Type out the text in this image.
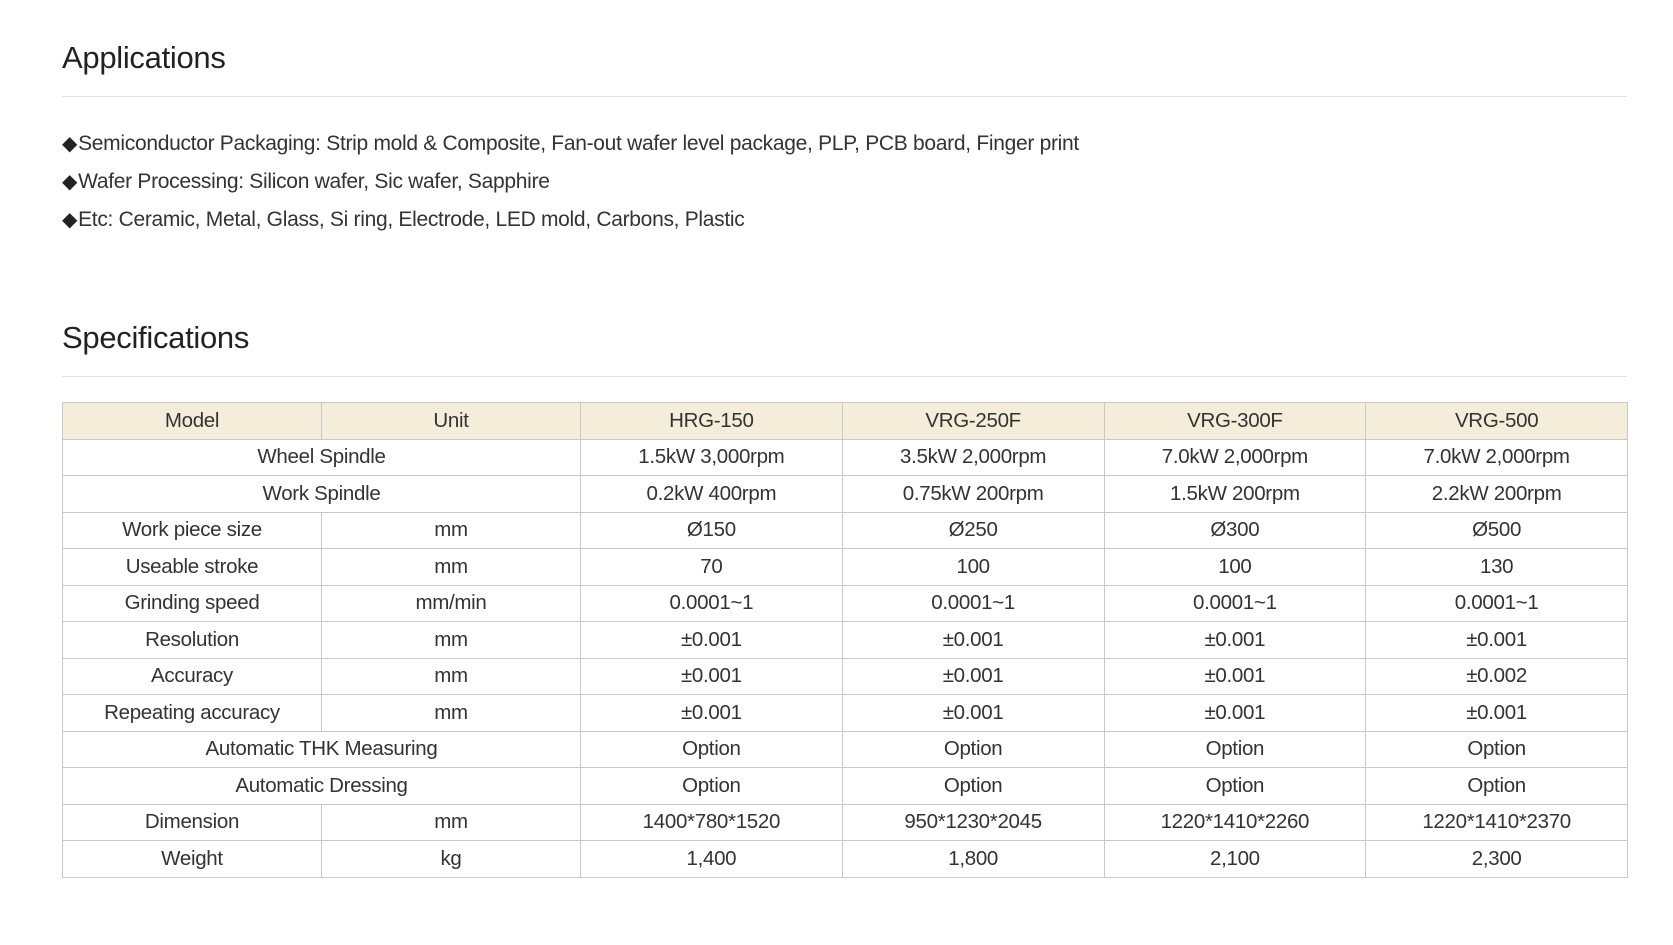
Applications
◆Semiconductor Packaging: Strip mold & Composite, Fan-out wafer level package, PLP, PCB board, Finger print
◆Wafer Processing: Silicon wafer, Sic wafer, Sapphire
◆Etc: Ceramic, Metal, Glass, Si ring, Electrode, LED mold, Carbons, Plastic
Specifications
Model	Unit	HRG-150	VRG-250F	VRG-300F	VRG-500
Wheel Spindle		1.5kW 3,000rpm	3.5kW 2,000rpm	7.0kW 2,000rpm	7.0kW 2,000rpm
Work Spindle		0.2kW 400rpm	0.75kW 200rpm	1.5kW 200rpm	2.2kW 200rpm
Work piece size	mm	Ø150	Ø250	Ø300	Ø500
Useable stroke	mm	70	100	100	130
Grinding speed	mm/min	0.0001~1	0.0001~1	0.0001~1	0.0001~1
Resolution	mm	±0.001	±0.001	±0.001	±0.001
Accuracy	mm	±0.001	±0.001	±0.001	±0.002
Repeating accuracy	mm	±0.001	±0.001	±0.001	±0.001
Automatic THK Measuring		Option	Option	Option	Option
Automatic Dressing		Option	Option	Option	Option
Dimension	mm	1400*780*1520	950*1230*2045	1220*1410*2260	1220*1410*2370
Weight	kg	1,400	1,800	2,100	2,300
